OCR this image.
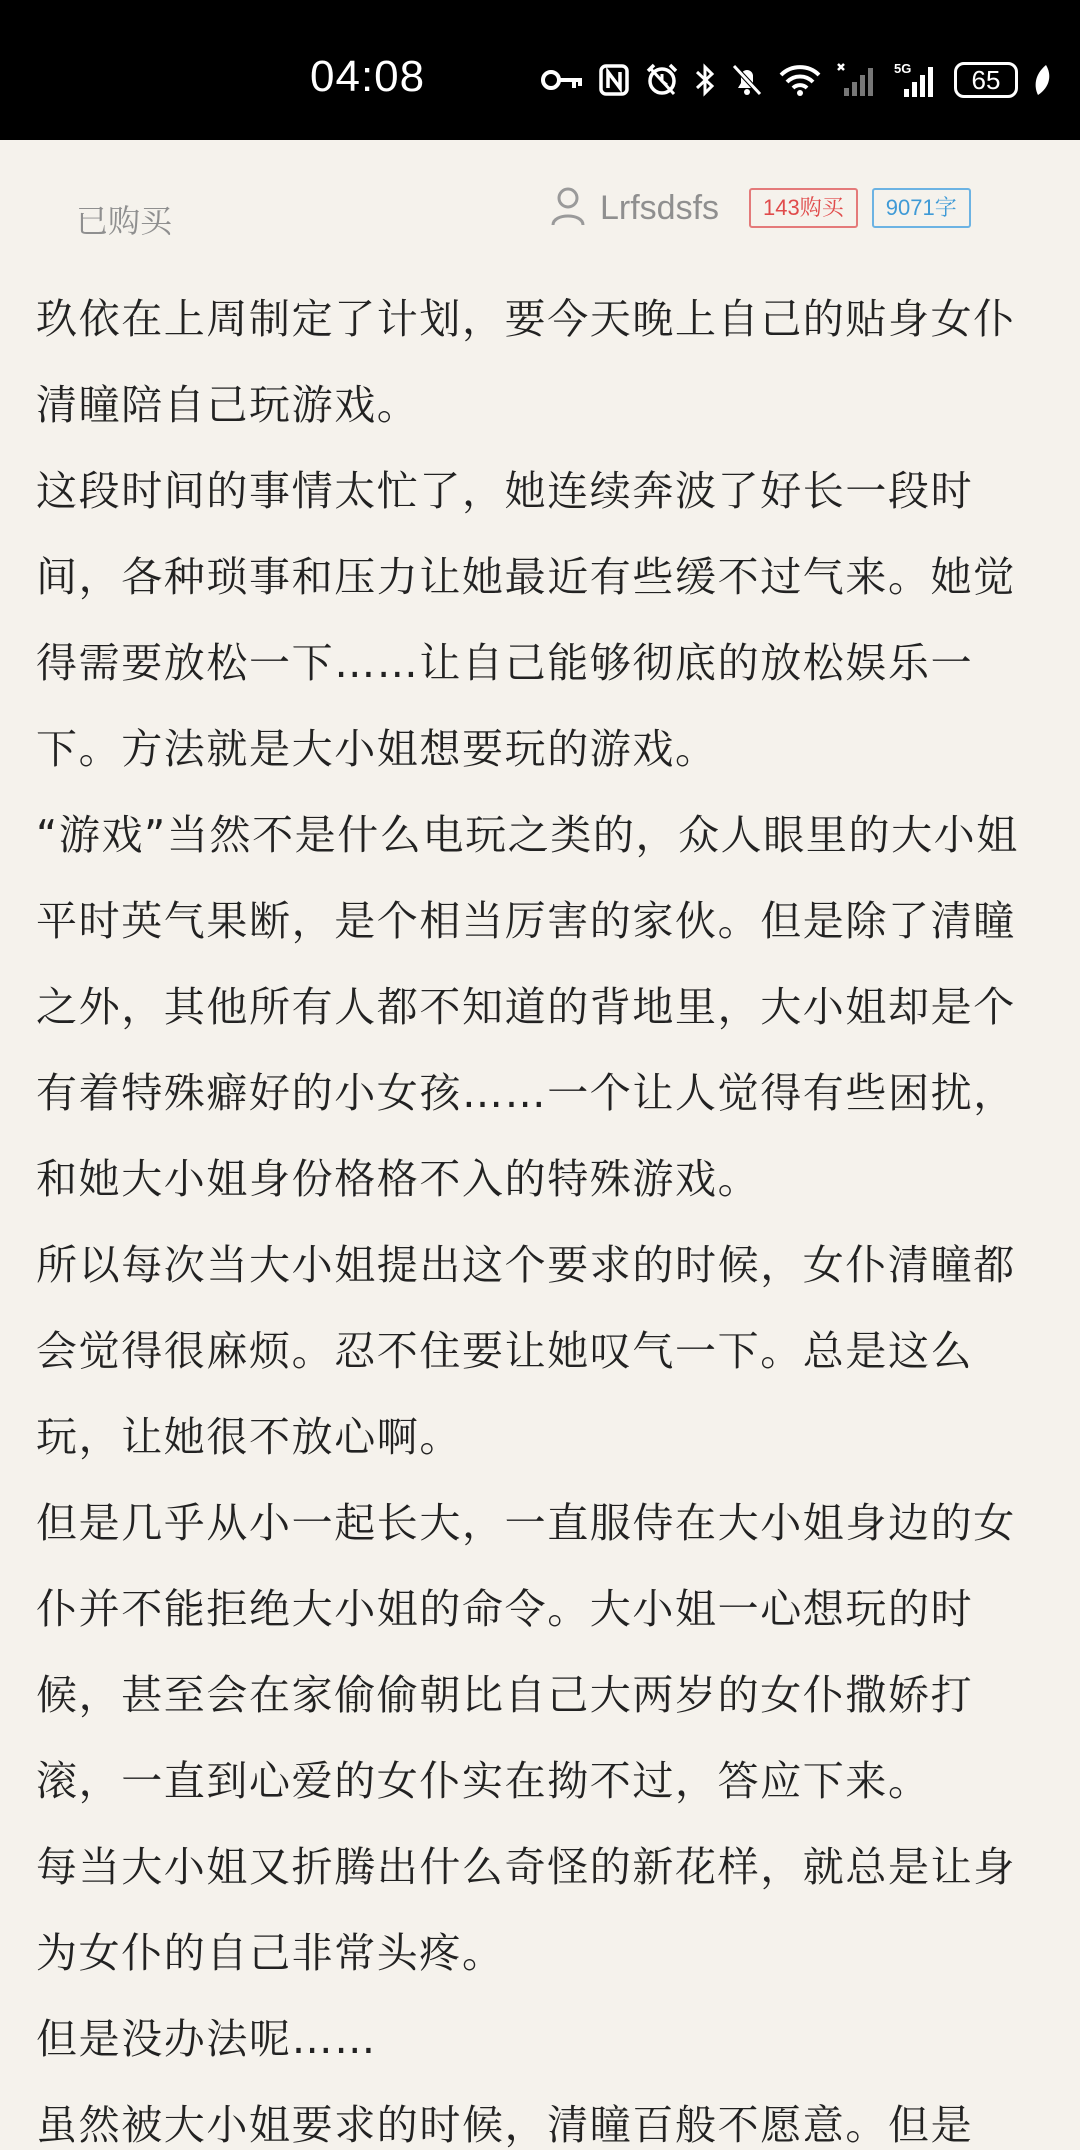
04:08	5G	65
已购买	Lrfsdsfs	143购买	9071字

玖依在上周制定了计划，要今天晚上自己的贴身女仆清瞳陪自己玩游戏。

这段时间的事情太忙了，她连续奔波了好长一段时间，各种琐事和压力让她最近有些缓不过气来。她觉得需要放松一下……让自己能够彻底的放松娱乐一下。方法就是大小姐想要玩的游戏。

“游戏”当然不是什么电玩之类的，众人眼里的大小姐平时英气果断，是个相当厉害的家伙。但是除了清瞳之外，其他所有人都不知道的背地里，大小姐却是个有着特殊癖好的小女孩……一个让人觉得有些困扰，和她大小姐身份格格不入的特殊游戏。

所以每次当大小姐提出这个要求的时候，女仆清瞳都会觉得很麻烦。忍不住要让她叹气一下。总是这么玩，让她很不放心啊。

但是几乎从小一起长大，一直服侍在大小姐身边的女仆并不能拒绝大小姐的命令。大小姐一心想玩的时候，甚至会在家偷偷朝比自己大两岁的女仆撒娇打滚，一直到心爱的女仆实在拗不过，答应下来。

每当大小姐又折腾出什么奇怪的新花样，就总是让身为女仆的自己非常头疼。

但是没办法呢……

虽然被大小姐要求的时候，清瞳百般不愿意。但是
